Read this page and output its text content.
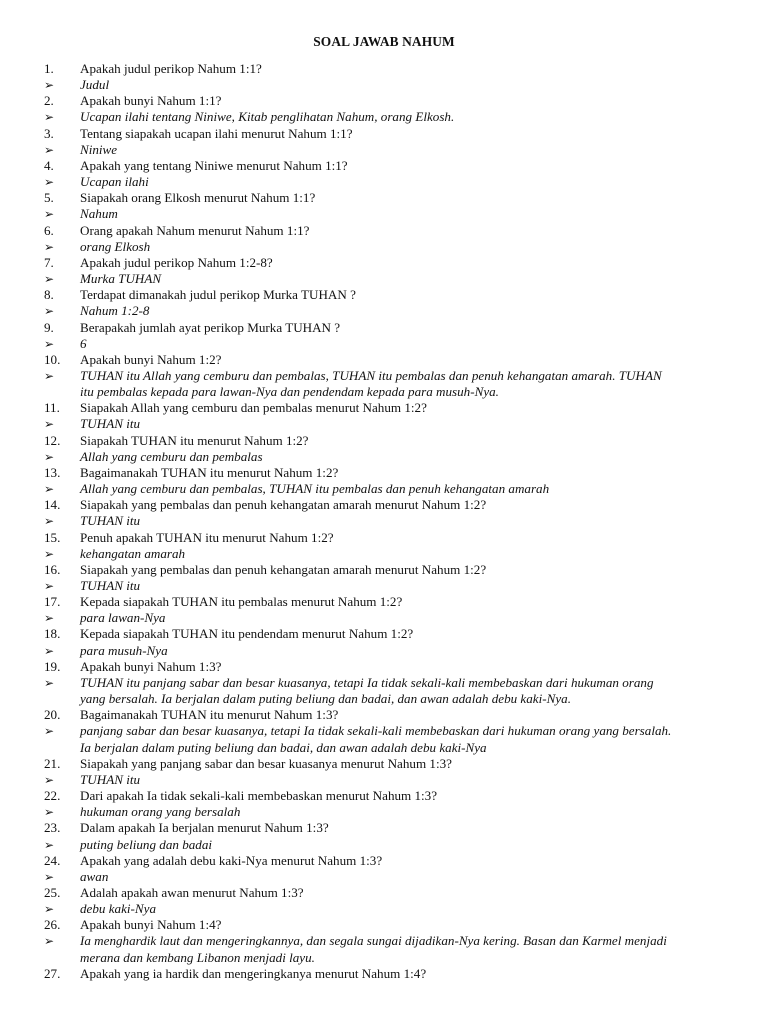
SOAL JAWAB NAHUM
1.	Apakah judul perikop Nahum 1:1?
➢	Judul
2.	Apakah bunyi Nahum 1:1?
➢	Ucapan ilahi tentang Niniwe, Kitab penglihatan Nahum, orang Elkosh.
3.	Tentang siapakah ucapan ilahi menurut Nahum 1:1?
➢	Niniwe
4.	Apakah yang tentang Niniwe menurut Nahum 1:1?
➢	Ucapan ilahi
5.	Siapakah orang Elkosh menurut Nahum 1:1?
➢	Nahum
6.	Orang apakah Nahum menurut Nahum 1:1?
➢	orang Elkosh
7.	Apakah judul perikop Nahum 1:2-8?
➢	Murka TUHAN
8.	Terdapat dimanakah judul perikop Murka TUHAN ?
➢	Nahum 1:2-8
9.	Berapakah jumlah ayat perikop Murka TUHAN ?
➢	6
10.	Apakah bunyi Nahum 1:2?
➢	TUHAN itu Allah yang cemburu dan pembalas, TUHAN itu pembalas dan penuh kehangatan amarah. TUHAN
itu pembalas kepada para lawan-Nya dan pendendam kepada para musuh-Nya.
11.	Siapakah Allah yang cemburu dan pembalas menurut Nahum 1:2?
➢	TUHAN itu
12.	Siapakah TUHAN itu menurut Nahum 1:2?
➢	Allah yang cemburu dan pembalas
13.	Bagaimanakah TUHAN itu menurut Nahum 1:2?
➢	Allah yang cemburu dan pembalas, TUHAN itu pembalas dan penuh kehangatan amarah
14.	Siapakah yang pembalas dan penuh kehangatan amarah menurut Nahum 1:2?
➢	TUHAN itu
15.	Penuh apakah TUHAN itu menurut Nahum 1:2?
➢	kehangatan amarah
16.	Siapakah yang pembalas dan penuh kehangatan amarah menurut Nahum 1:2?
➢	TUHAN itu
17.	Kepada siapakah TUHAN itu pembalas menurut Nahum 1:2?
➢	para lawan-Nya
18.	Kepada siapakah TUHAN itu pendendam menurut Nahum 1:2?
➢	para musuh-Nya
19.	Apakah bunyi Nahum 1:3?
➢	TUHAN itu panjang sabar dan besar kuasanya, tetapi Ia tidak sekali-kali membebaskan dari hukuman orang
yang bersalah. Ia berjalan dalam puting beliung dan badai, dan awan adalah debu kaki-Nya.
20.	Bagaimanakah TUHAN itu menurut Nahum 1:3?
➢	panjang sabar dan besar kuasanya, tetapi Ia tidak sekali-kali membebaskan dari hukuman orang yang bersalah.
Ia berjalan dalam puting beliung dan badai, dan awan adalah debu kaki-Nya
21.	Siapakah yang panjang sabar dan besar kuasanya menurut Nahum 1:3?
➢	TUHAN itu
22.	Dari apakah Ia tidak sekali-kali membebaskan menurut Nahum 1:3?
➢	hukuman orang yang bersalah
23.	Dalam apakah Ia berjalan menurut Nahum 1:3?
➢	puting beliung dan badai
24.	Apakah yang adalah debu kaki-Nya menurut Nahum 1:3?
➢	awan
25.	Adalah apakah awan menurut Nahum 1:3?
➢	debu kaki-Nya
26.	Apakah bunyi Nahum 1:4?
➢	Ia menghardik laut dan mengeringkannya, dan segala sungai dijadikan-Nya kering. Basan dan Karmel menjadi
merana dan kembang Libanon menjadi layu.
27.	Apakah yang ia hardik dan mengeringkanya menurut Nahum 1:4?
